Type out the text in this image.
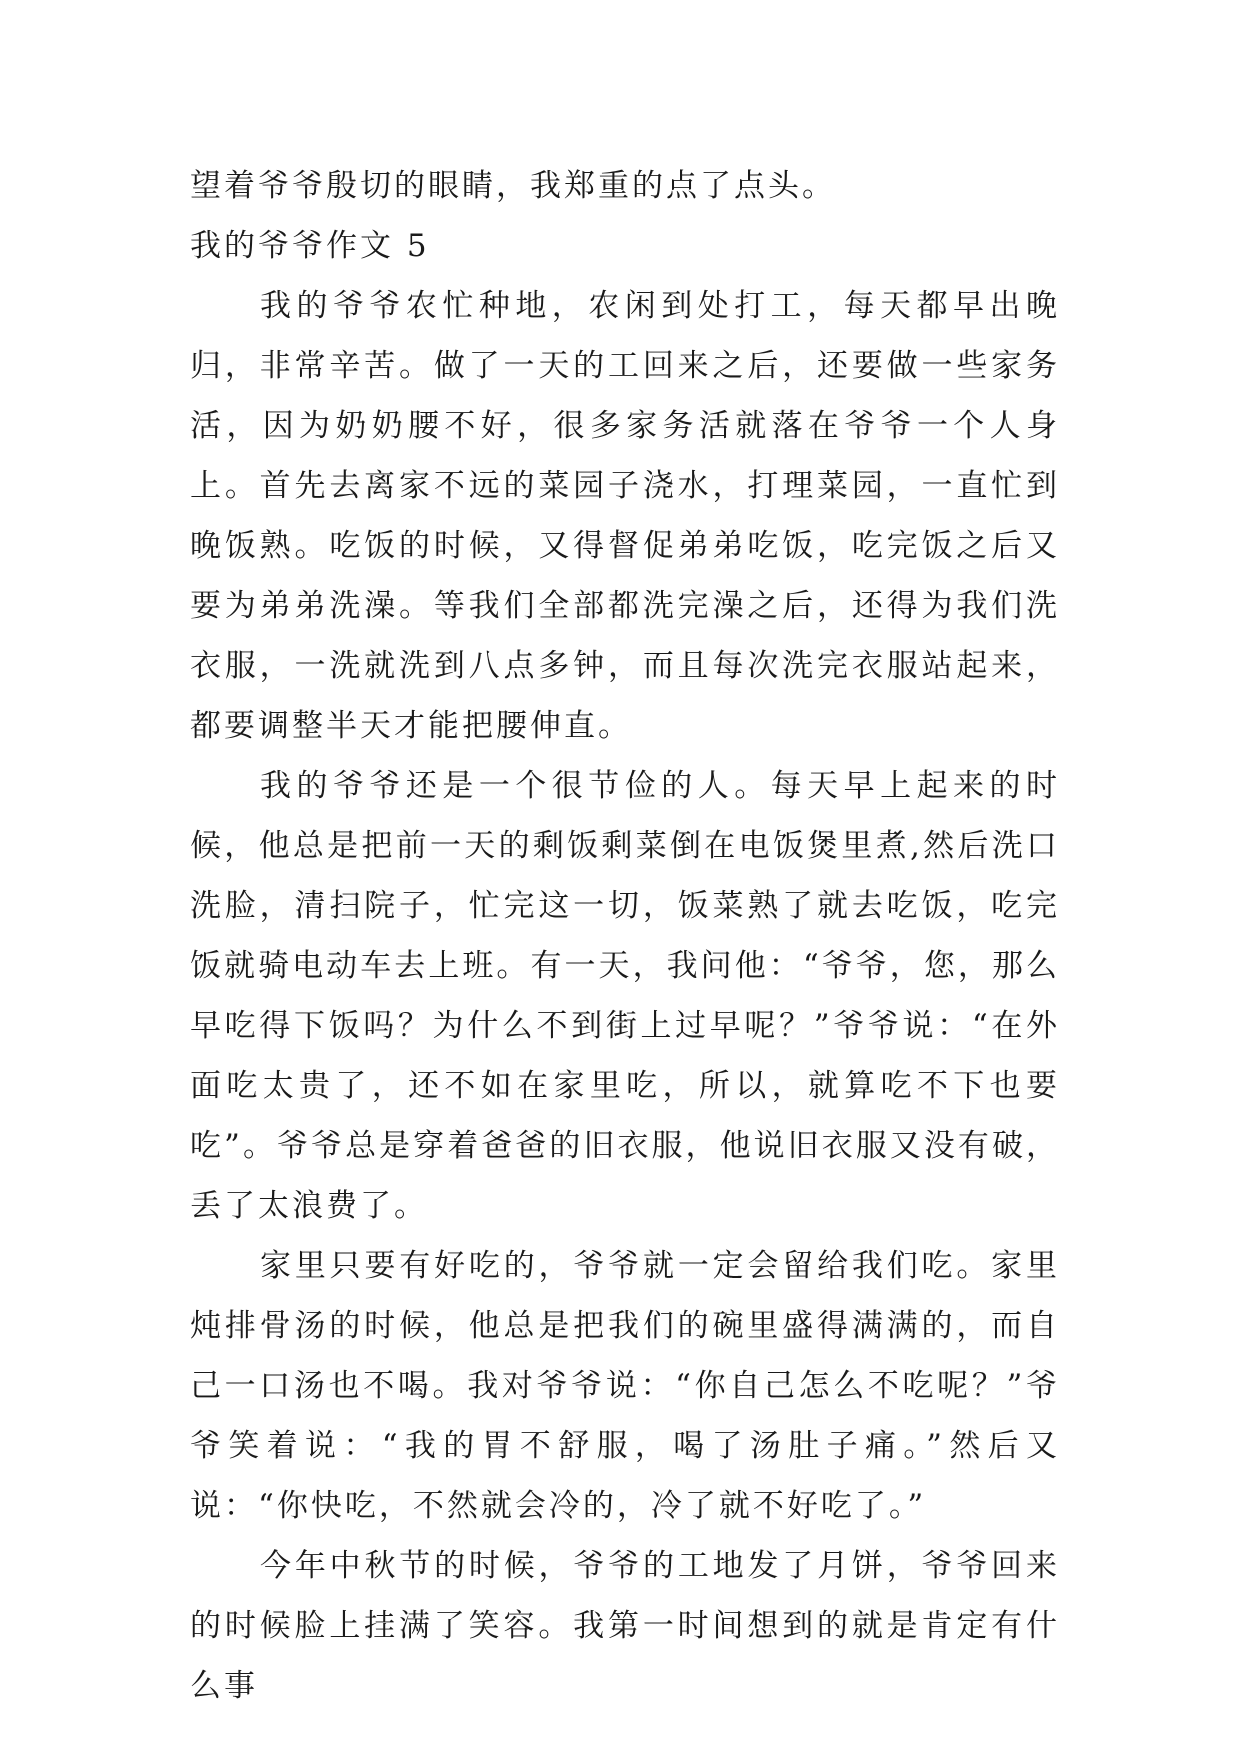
望着爷爷殷切的眼睛，我郑重的点了点头。
我的爷爷作文 5

我的爷爷农忙种地，农闲到处打工，每天都早出晚归，非常辛苦。做了一天的工回来之后，还要做一些家务活，因为奶奶腰不好，很多家务活就落在爷爷一个人身上。首先去离家不远的菜园子浇水，打理菜园，一直忙到晚饭熟。吃饭的时候，又得督促弟弟吃饭，吃完饭之后又要为弟弟洗澡。等我们全部都洗完澡之后，还得为我们洗衣服，一洗就洗到八点多钟，而且每次洗完衣服站起来，都要调整半天才能把腰伸直。

我的爷爷还是一个很节俭的人。每天早上起来的时候，他总是把前一天的剩饭剩菜倒在电饭煲里煮,然后洗口洗脸，清扫院子，忙完这一切，饭菜熟了就去吃饭，吃完饭就骑电动车去上班。有一天，我问他：“爷爷，您，那么早吃得下饭吗？为什么不到街上过早呢？”爷爷说：“在外面吃太贵了，还不如在家里吃，所以，就算吃不下也要吃”。爷爷总是穿着爸爸的旧衣服，他说旧衣服又没有破，丢了太浪费了。

家里只要有好吃的，爷爷就一定会留给我们吃。家里炖排骨汤的时候，他总是把我们的碗里盛得满满的，而自己一口汤也不喝。我对爷爷说：“你自己怎么不吃呢？”爷爷笑着说：“我的胃不舒服，喝了汤肚子痛。”然后又说：“你快吃，不然就会冷的，冷了就不好吃了。”

今年中秋节的时候，爷爷的工地发了月饼，爷爷回来的时候脸上挂满了笑容。我第一时间想到的就是肯定有什么事
